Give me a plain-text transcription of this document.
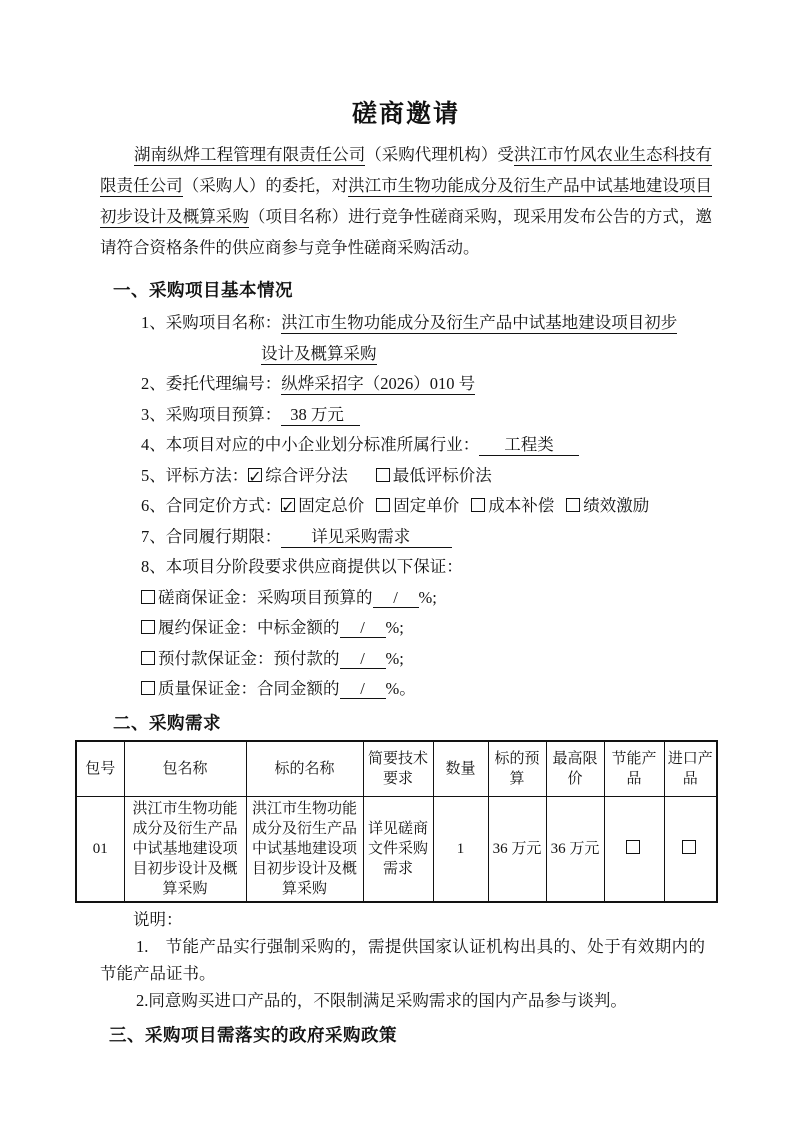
磋商邀请

湖南纵烨工程管理有限责任公司（采购代理机构）受洪江市竹风农业生态科技有限责任公司（采购人）的委托，对洪江市生物功能成分及衍生产品中试基地建设项目初步设计及概算采购（项目名称）进行竞争性磋商采购，现采用发布公告的方式，邀请符合资格条件的供应商参与竞争性磋商采购活动。

一、采购项目基本情况
1、采购项目名称：洪江市生物功能成分及衍生产品中试基地建设项目初步
设计及概算采购
2、委托代理编号：纵烨采招字（2026）010 号
3、采购项目预算： 38 万元
4、本项目对应的中小企业划分标准所属行业： 工程类
5、评标方法： ✓ 综合评分法	最低评标价法
6、合同定价方式： ✓ 固定总价 固定单价 成本补偿 绩效激励
7、合同履行期限： 详见采购需求
8、本项目分阶段要求供应商提供以下保证：
磋商保证金：采购项目预算的 / %;
履约保证金：中标金额的 / %;
预付款保证金：预付款的 / %;
质量保证金：合同金额的 / %。
二、采购需求
包号	包名称	标的名称	简要技术要求	数量	标的预算	最高限价	节能产品	进口产品
01	洪江市生物功能成分及衍生产品中试基地建设项目初步设计及概算采购	洪江市生物功能成分及衍生产品中试基地建设项目初步设计及概算采购	详见磋商文件采购需求	1	36 万元	36 万元		
说明：

1.　节能产品实行强制采购的，需提供国家认证机构出具的、处于有效期内的节能产品证书。

2.同意购买进口产品的，不限制满足采购需求的国内产品参与谈判。

三、采购项目需落实的政府采购政策
